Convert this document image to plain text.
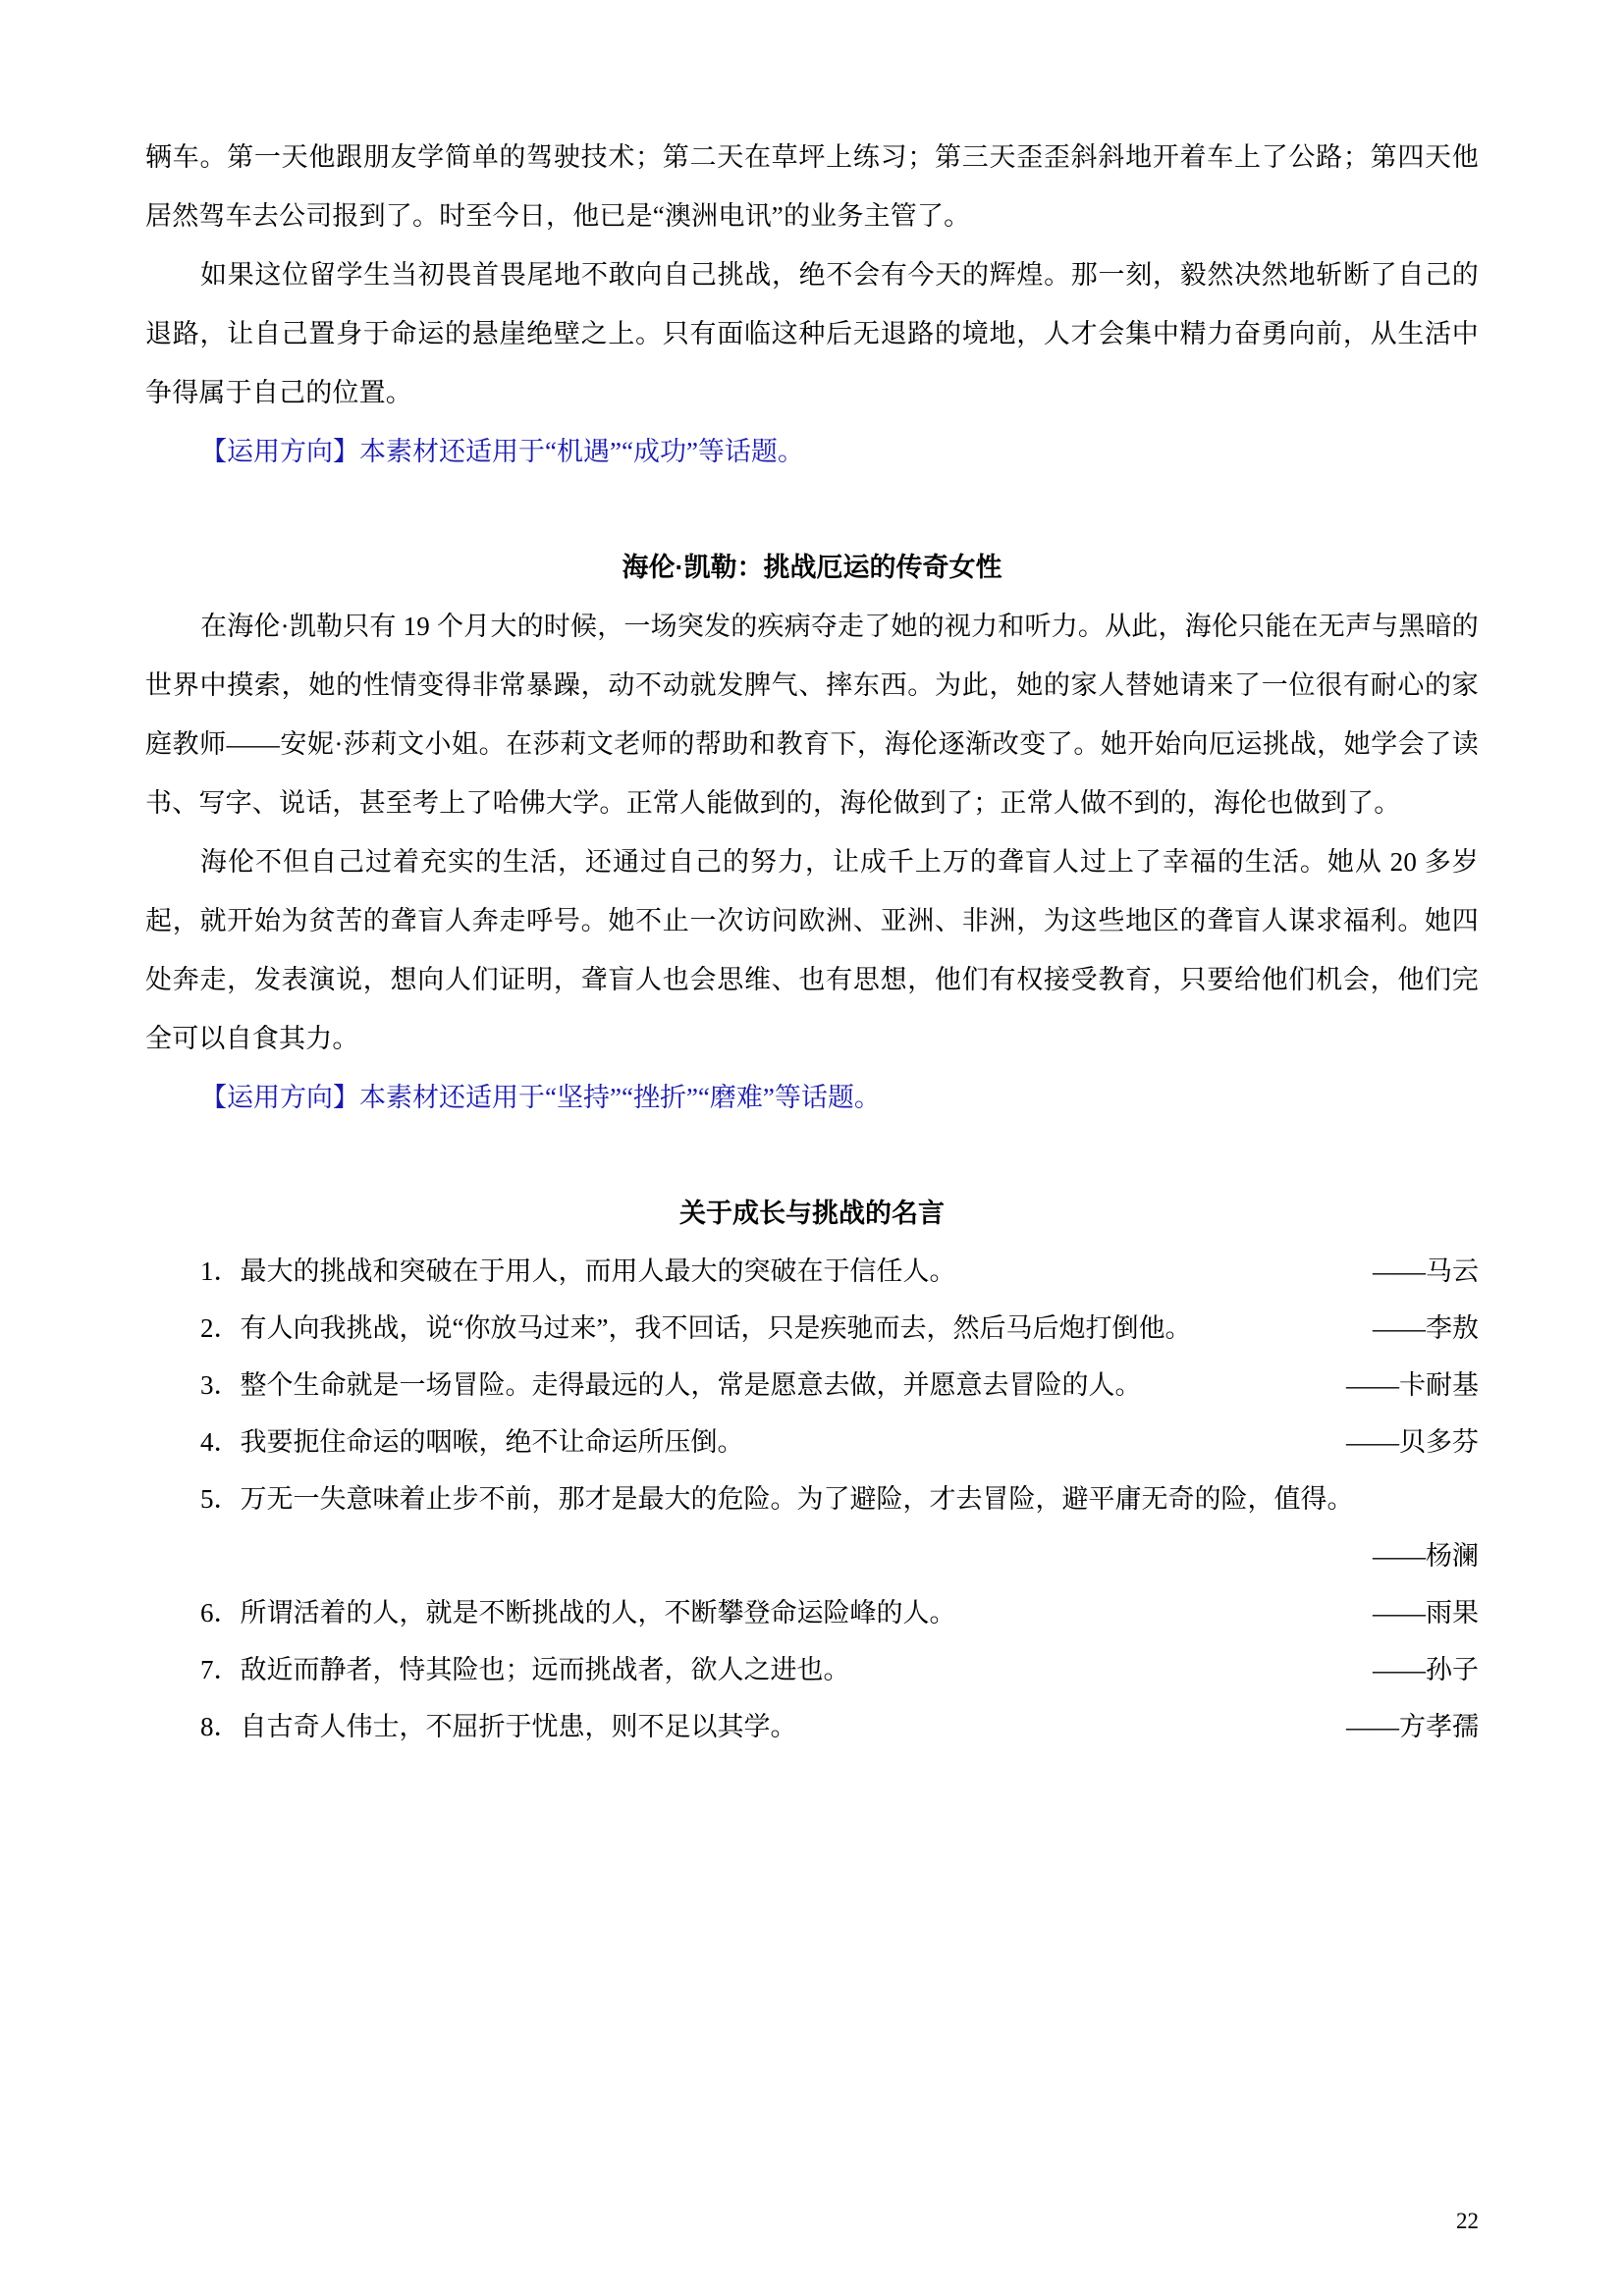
辆车。第一天他跟朋友学简单的驾驶技术；第二天在草坪上练习；第三天歪歪斜斜地开着车上了公路；第四天他居然驾车去公司报到了。时至今日，他已是“澳洲电讯”的业务主管了。

如果这位留学生当初畏首畏尾地不敢向自己挑战，绝不会有今天的辉煌。那一刻，毅然决然地斩断了自己的退路，让自己置身于命运的悬崖绝壁之上。只有面临这种后无退路的境地，人才会集中精力奋勇向前，从生活中争得属于自己的位置。

【运用方向】本素材还适用于“机遇”“成功”等话题。

海伦·凯勒：挑战厄运的传奇女性

在海伦·凯勒只有 19 个月大的时候，一场突发的疾病夺走了她的视力和听力。从此，海伦只能在无声与黑暗的世界中摸索，她的性情变得非常暴躁，动不动就发脾气、摔东西。为此，她的家人替她请来了一位很有耐心的家庭教师——安妮·莎莉文小姐。在莎莉文老师的帮助和教育下，海伦逐渐改变了。她开始向厄运挑战，她学会了读书、写字、说话，甚至考上了哈佛大学。正常人能做到的，海伦做到了；正常人做不到的，海伦也做到了。

海伦不但自己过着充实的生活，还通过自己的努力，让成千上万的聋盲人过上了幸福的生活。她从 20 多岁起，就开始为贫苦的聋盲人奔走呼号。她不止一次访问欧洲、亚洲、非洲，为这些地区的聋盲人谋求福利。她四处奔走，发表演说，想向人们证明，聋盲人也会思维、也有思想，他们有权接受教育，只要给他们机会，他们完全可以自食其力。

【运用方向】本素材还适用于“坚持”“挫折”“磨难”等话题。

关于成长与挑战的名言
1．最大的挑战和突破在于用人，而用人最大的突破在于信任人。	——马云
2．有人向我挑战，说“你放马过来”，我不回话，只是疾驰而去，然后马后炮打倒他。	——李敖
3．整个生命就是一场冒险。走得最远的人，常是愿意去做，并愿意去冒险的人。	——卡耐基
4．我要扼住命运的咽喉，绝不让命运所压倒。	——贝多芬
5．万无一失意味着止步不前，那才是最大的危险。为了避险，才去冒险，避平庸无奇的险，值得。

——杨澜

6．所谓活着的人，就是不断挑战的人，不断攀登命运险峰的人。	——雨果
7．敌近而静者，恃其险也；远而挑战者，欲人之进也。	——孙子
8．自古奇人伟士，不屈折于忧患，则不足以其学。	——方孝孺
22
